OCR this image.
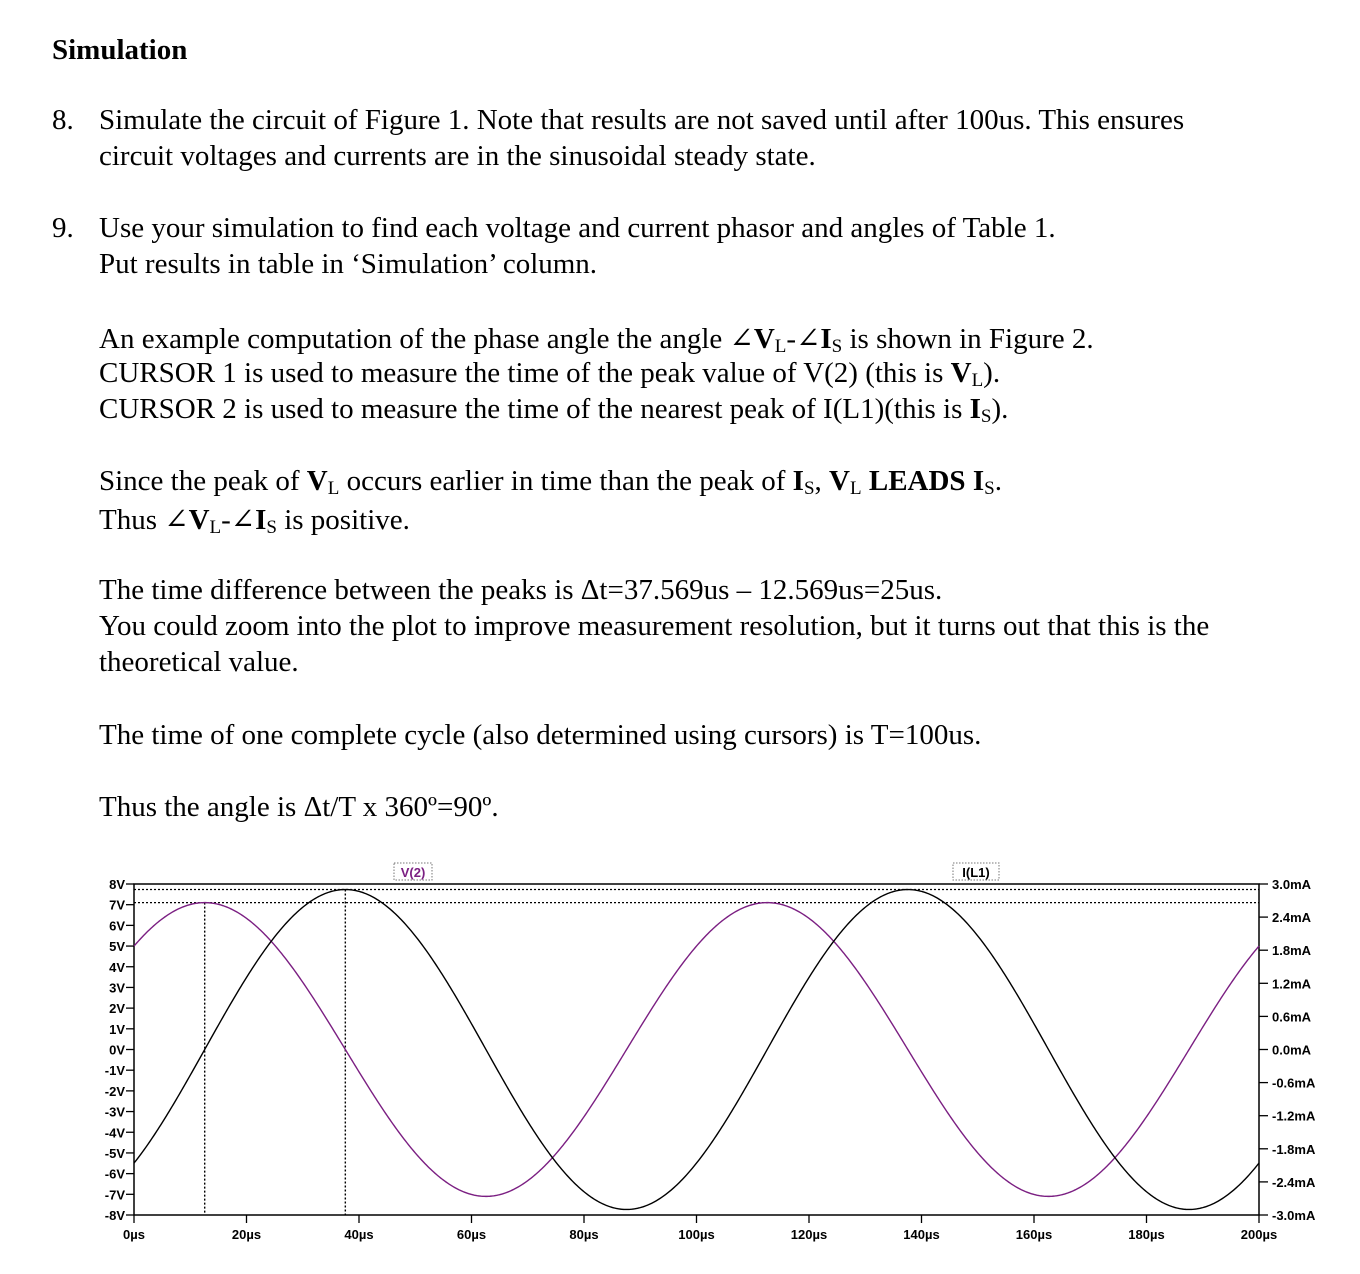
Simulation
8. Simulate the circuit of Figure 1. Note that results are not saved until after 100us. This ensures
circuit voltages and currents are in the sinusoidal steady state.
9. Use your simulation to find each voltage and current phasor and angles of Table 1.
Put results in table in ‘Simulation’ column.
An example computation of the phase angle the angle $\angle V_L-\angle I_S$ is shown in Figure 2.
CURSOR 1 is used to measure the time of the peak value of V(2) (this is $V_L$).
CURSOR 2 is used to measure the time of the nearest peak of I(L1)(this is $I_S$).
Since the peak of $V_L$ occurs earlier in time than the peak of $I_S$, $V_L$ LEADS $I_S$.
Thus $\angle V_L-\angle I_S$ is positive.
The time difference between the peaks is Δt=37.569us – 12.569us=25us.
You could zoom into the plot to improve measurement resolution, but it turns out that this is the
theoretical value.
The time of one complete cycle (also determined using cursors) is T=100us.
Thus the angle is Δt/T x 360º=90º.
8V
7V
6V
5V
4V
3V
2V
1V
0V
-1V
-2V
-3V
-4V
-5V
-6V
-7V
-8V
3.0mA
2.4mA
1.8mA
1.2mA
0.6mA
0.0mA
-0.6mA
-1.2mA
-1.8mA
-2.4mA
-3.0mA
0µs	20µs	40µs	60µs	80µs	100µs	120µs	140µs	160µs	180µs	200µs
V(2)	I(L1)
